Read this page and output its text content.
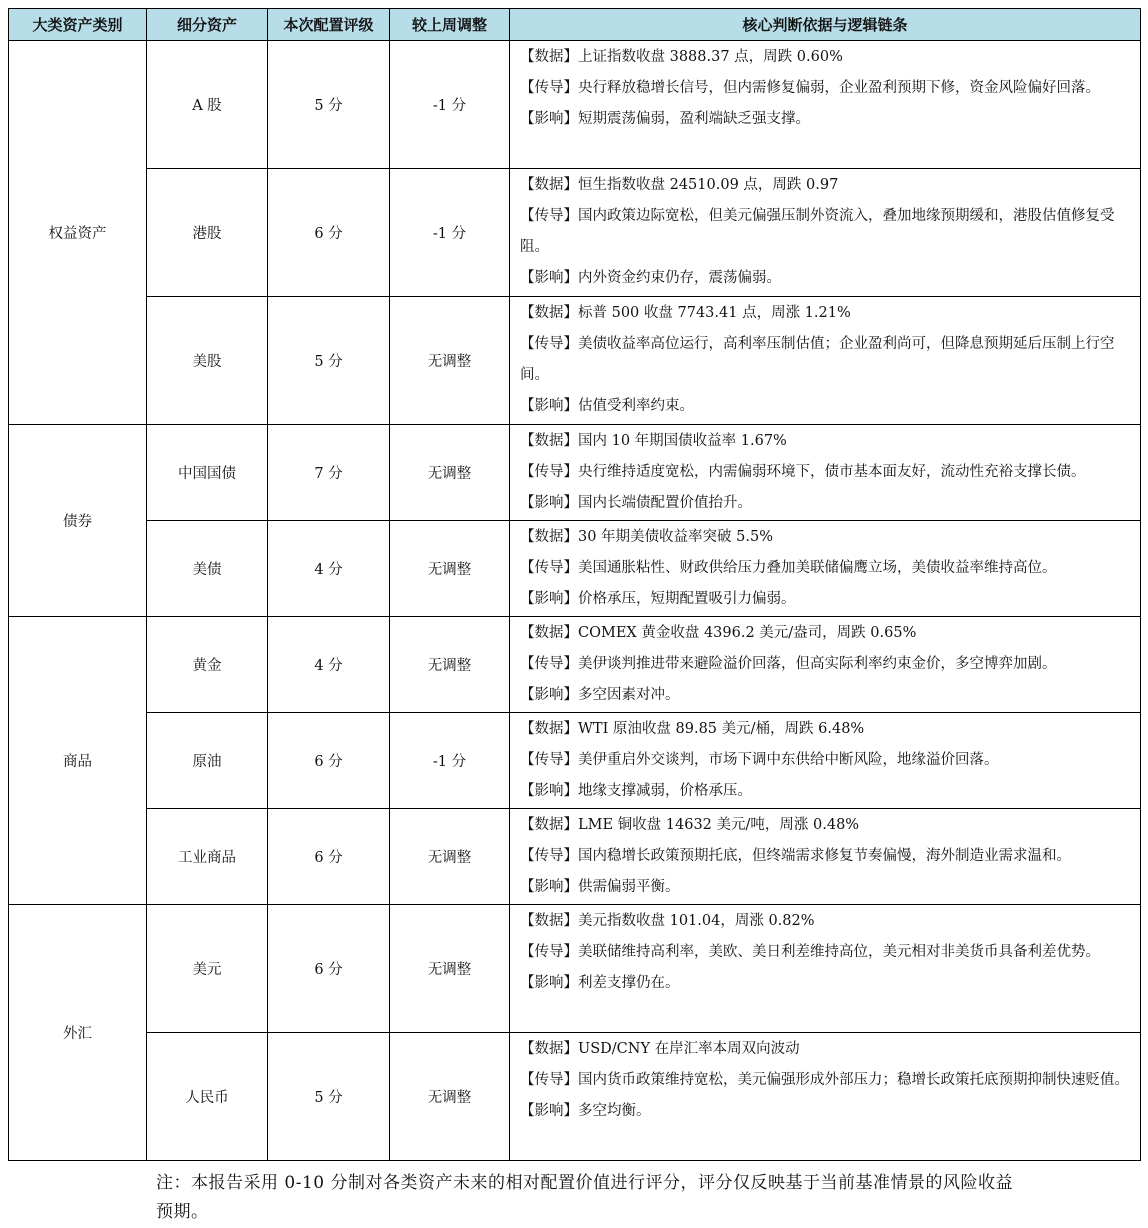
大类资产类别	细分资产	本次配置评级	较上周调整	核心判断依据与逻辑链条
权益资产	A 股	5 分	-1 分	【数据】上证指数收盘 3888.37 点，周跌 0.60%
【传导】央行释放稳增长信号，但内需修复偏弱，企业盈利预期下修，资金风险偏好回落。
【影响】短期震荡偏弱，盈利端缺乏强支撑。

	港股	6 分	-1 分	【数据】恒生指数收盘 24510.09 点，周跌 0.97
【传导】国内政策边际宽松，但美元偏强压制外资流入，叠加地缘预期缓和，港股估值修复受阻。
【影响】内外资金约束仍存，震荡偏弱。

	美股	5 分	无调整	【数据】标普 500 收盘 7743.41 点，周涨 1.21%
【传导】美债收益率高位运行，高利率压制估值；企业盈利尚可，但降息预期延后压制上行空间。
【影响】估值受利率约束。

债券	中国国债	7 分	无调整	【数据】国内 10 年期国债收益率 1.67%
【传导】央行维持适度宽松，内需偏弱环境下，债市基本面友好，流动性充裕支撑长债。
【影响】国内长端债配置价值抬升。

	美债	4 分	无调整	【数据】30 年期美债收益率突破 5.5%
【传导】美国通胀粘性、财政供给压力叠加美联储偏鹰立场，美债收益率维持高位。
【影响】价格承压，短期配置吸引力偏弱。

商品	黄金	4 分	无调整	【数据】COMEX 黄金收盘 4396.2 美元/盎司，周跌 0.65%
【传导】美伊谈判推进带来避险溢价回落，但高实际利率约束金价，多空博弈加剧。
【影响】多空因素对冲。

	原油	6 分	-1 分	【数据】WTI 原油收盘 89.85 美元/桶，周跌 6.48%
【传导】美伊重启外交谈判，市场下调中东供给中断风险，地缘溢价回落。
【影响】地缘支撑减弱，价格承压。

	工业商品	6 分	无调整	【数据】LME 铜收盘 14632 美元/吨，周涨 0.48%
【传导】国内稳增长政策预期托底，但终端需求修复节奏偏慢，海外制造业需求温和。
【影响】供需偏弱平衡。

外汇	美元	6 分	无调整	【数据】美元指数收盘 101.04，周涨 0.82%
【传导】美联储维持高利率，美欧、美日利差维持高位，美元相对非美货币具备利差优势。
【影响】利差支撑仍在。

	人民币	5 分	无调整	【数据】USD/CNY 在岸汇率本周双向波动
【传导】国内货币政策维持宽松，美元偏强形成外部压力；稳增长政策托底预期抑制快速贬值。
【影响】多空均衡。
注：本报告采用 0-10 分制对各类资产未来的相对配置价值进行评分，评分仅反映基于当前基准情景的风险收益预期。
